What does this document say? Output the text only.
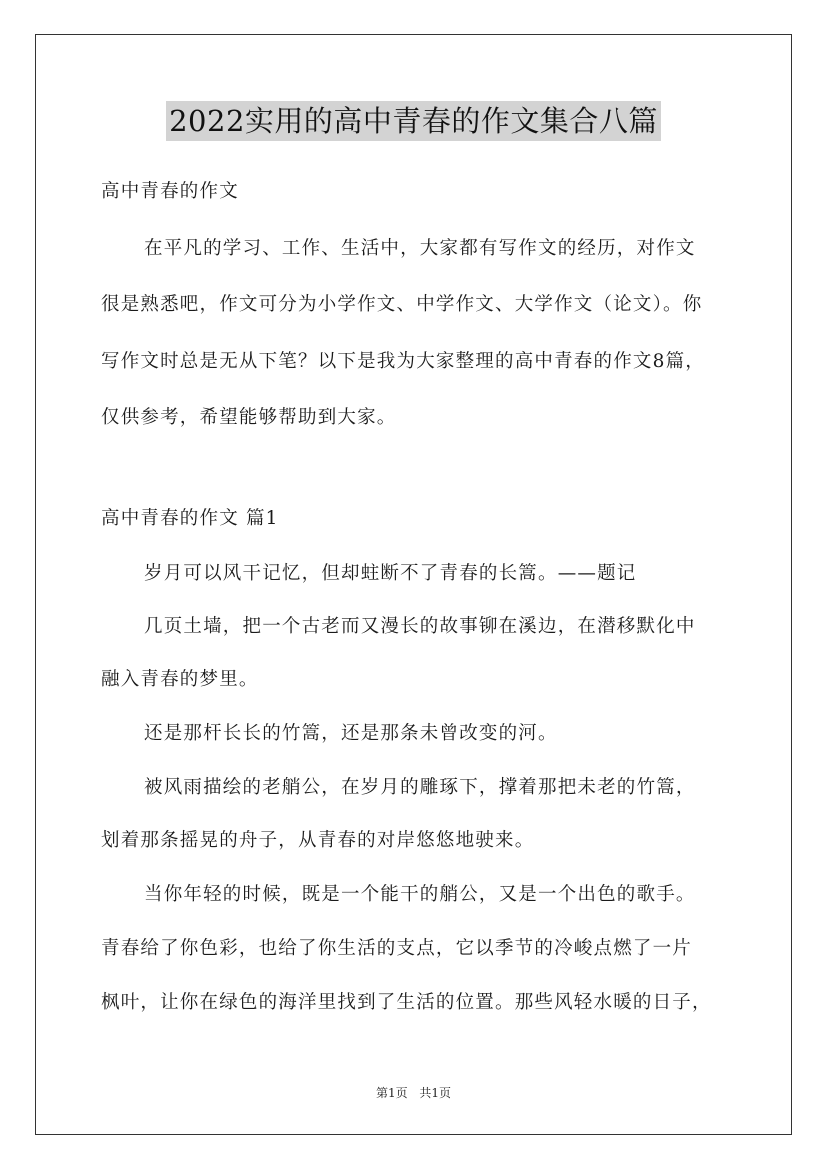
2022实用的高中青春的作文集合八篇

高中青春的作文

在平凡的学习、工作、生活中，大家都有写作文的经历，对作文

很是熟悉吧，作文可分为小学作文、中学作文、大学作文（论文）。你

写作文时总是无从下笔？以下是我为大家整理的高中青春的作文8篇，

仅供参考，希望能够帮助到大家。

高中青春的作文 篇1

岁月可以风干记忆，但却蛀断不了青春的长篙。——题记

几页土墙，把一个古老而又漫长的故事铆在溪边，在潜移默化中

融入青春的梦里。

还是那杆长长的竹篙，还是那条未曾改变的河。

被风雨描绘的老艄公，在岁月的雕琢下，撑着那把未老的竹篙，

划着那条摇晃的舟子，从青春的对岸悠悠地驶来。

当你年轻的时候，既是一个能干的艄公，又是一个出色的歌手。

青春给了你色彩，也给了你生活的支点，它以季节的冷峻点燃了一片

枫叶，让你在绿色的海洋里找到了生活的位置。那些风轻水暖的日子，

第1页 共1页
